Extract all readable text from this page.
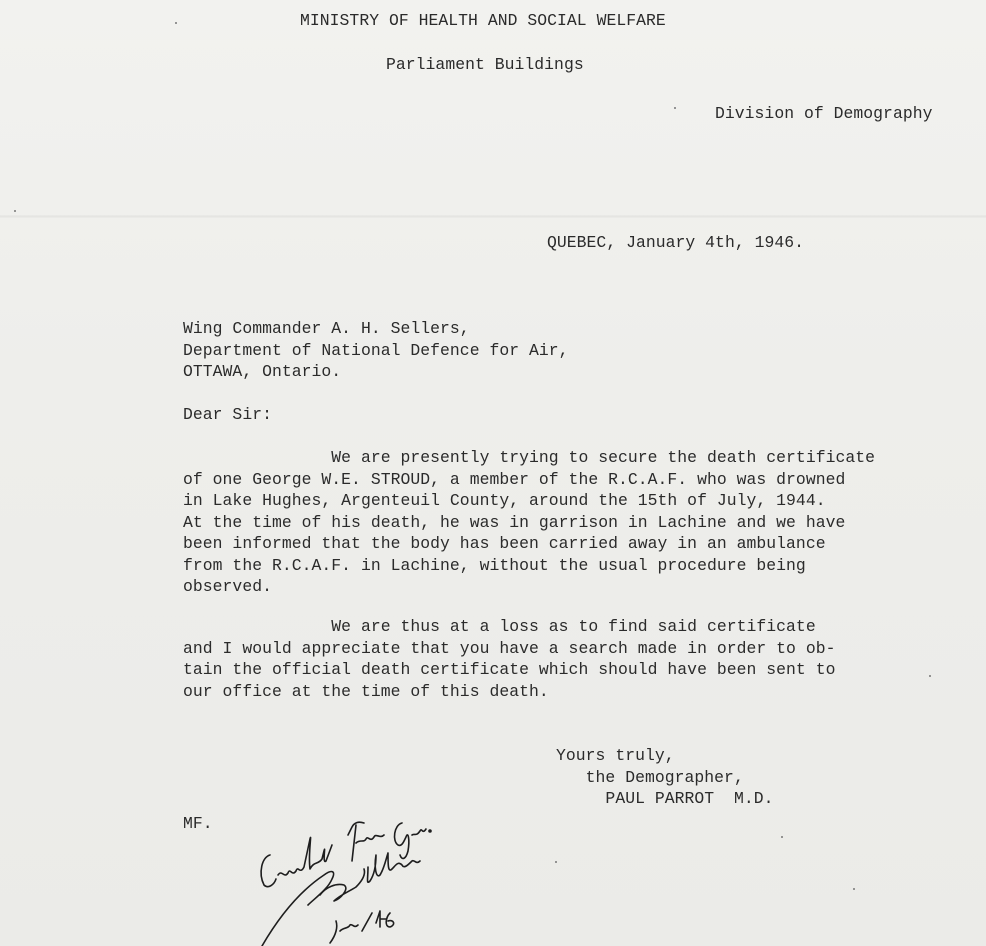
MINISTRY OF HEALTH AND SOCIAL WELFARE
Parliament Buildings
Division of Demography
QUEBEC, January 4th, 1946.
Wing Commander A. H. Sellers,
Department of National Defence for Air,
OTTAWA, Ontario.
Dear Sir:
We are presently trying to secure the death certificate
of one George W.E. STROUD, a member of the R.C.A.F. who was drowned
in Lake Hughes, Argenteuil County, around the 15th of July, 1944.
At the time of his death, he was in garrison in Lachine and we have
been informed that the body has been carried away in an ambulance
from the R.C.A.F. in Lachine, without the usual procedure being
observed.
We are thus at a loss as to find said certificate
and I would appreciate that you have a search made in order to ob-
tain the official death certificate which should have been sent to
our office at the time of this death.
Yours truly,
the Demographer,
PAUL PARROT  M.D.
MF.
